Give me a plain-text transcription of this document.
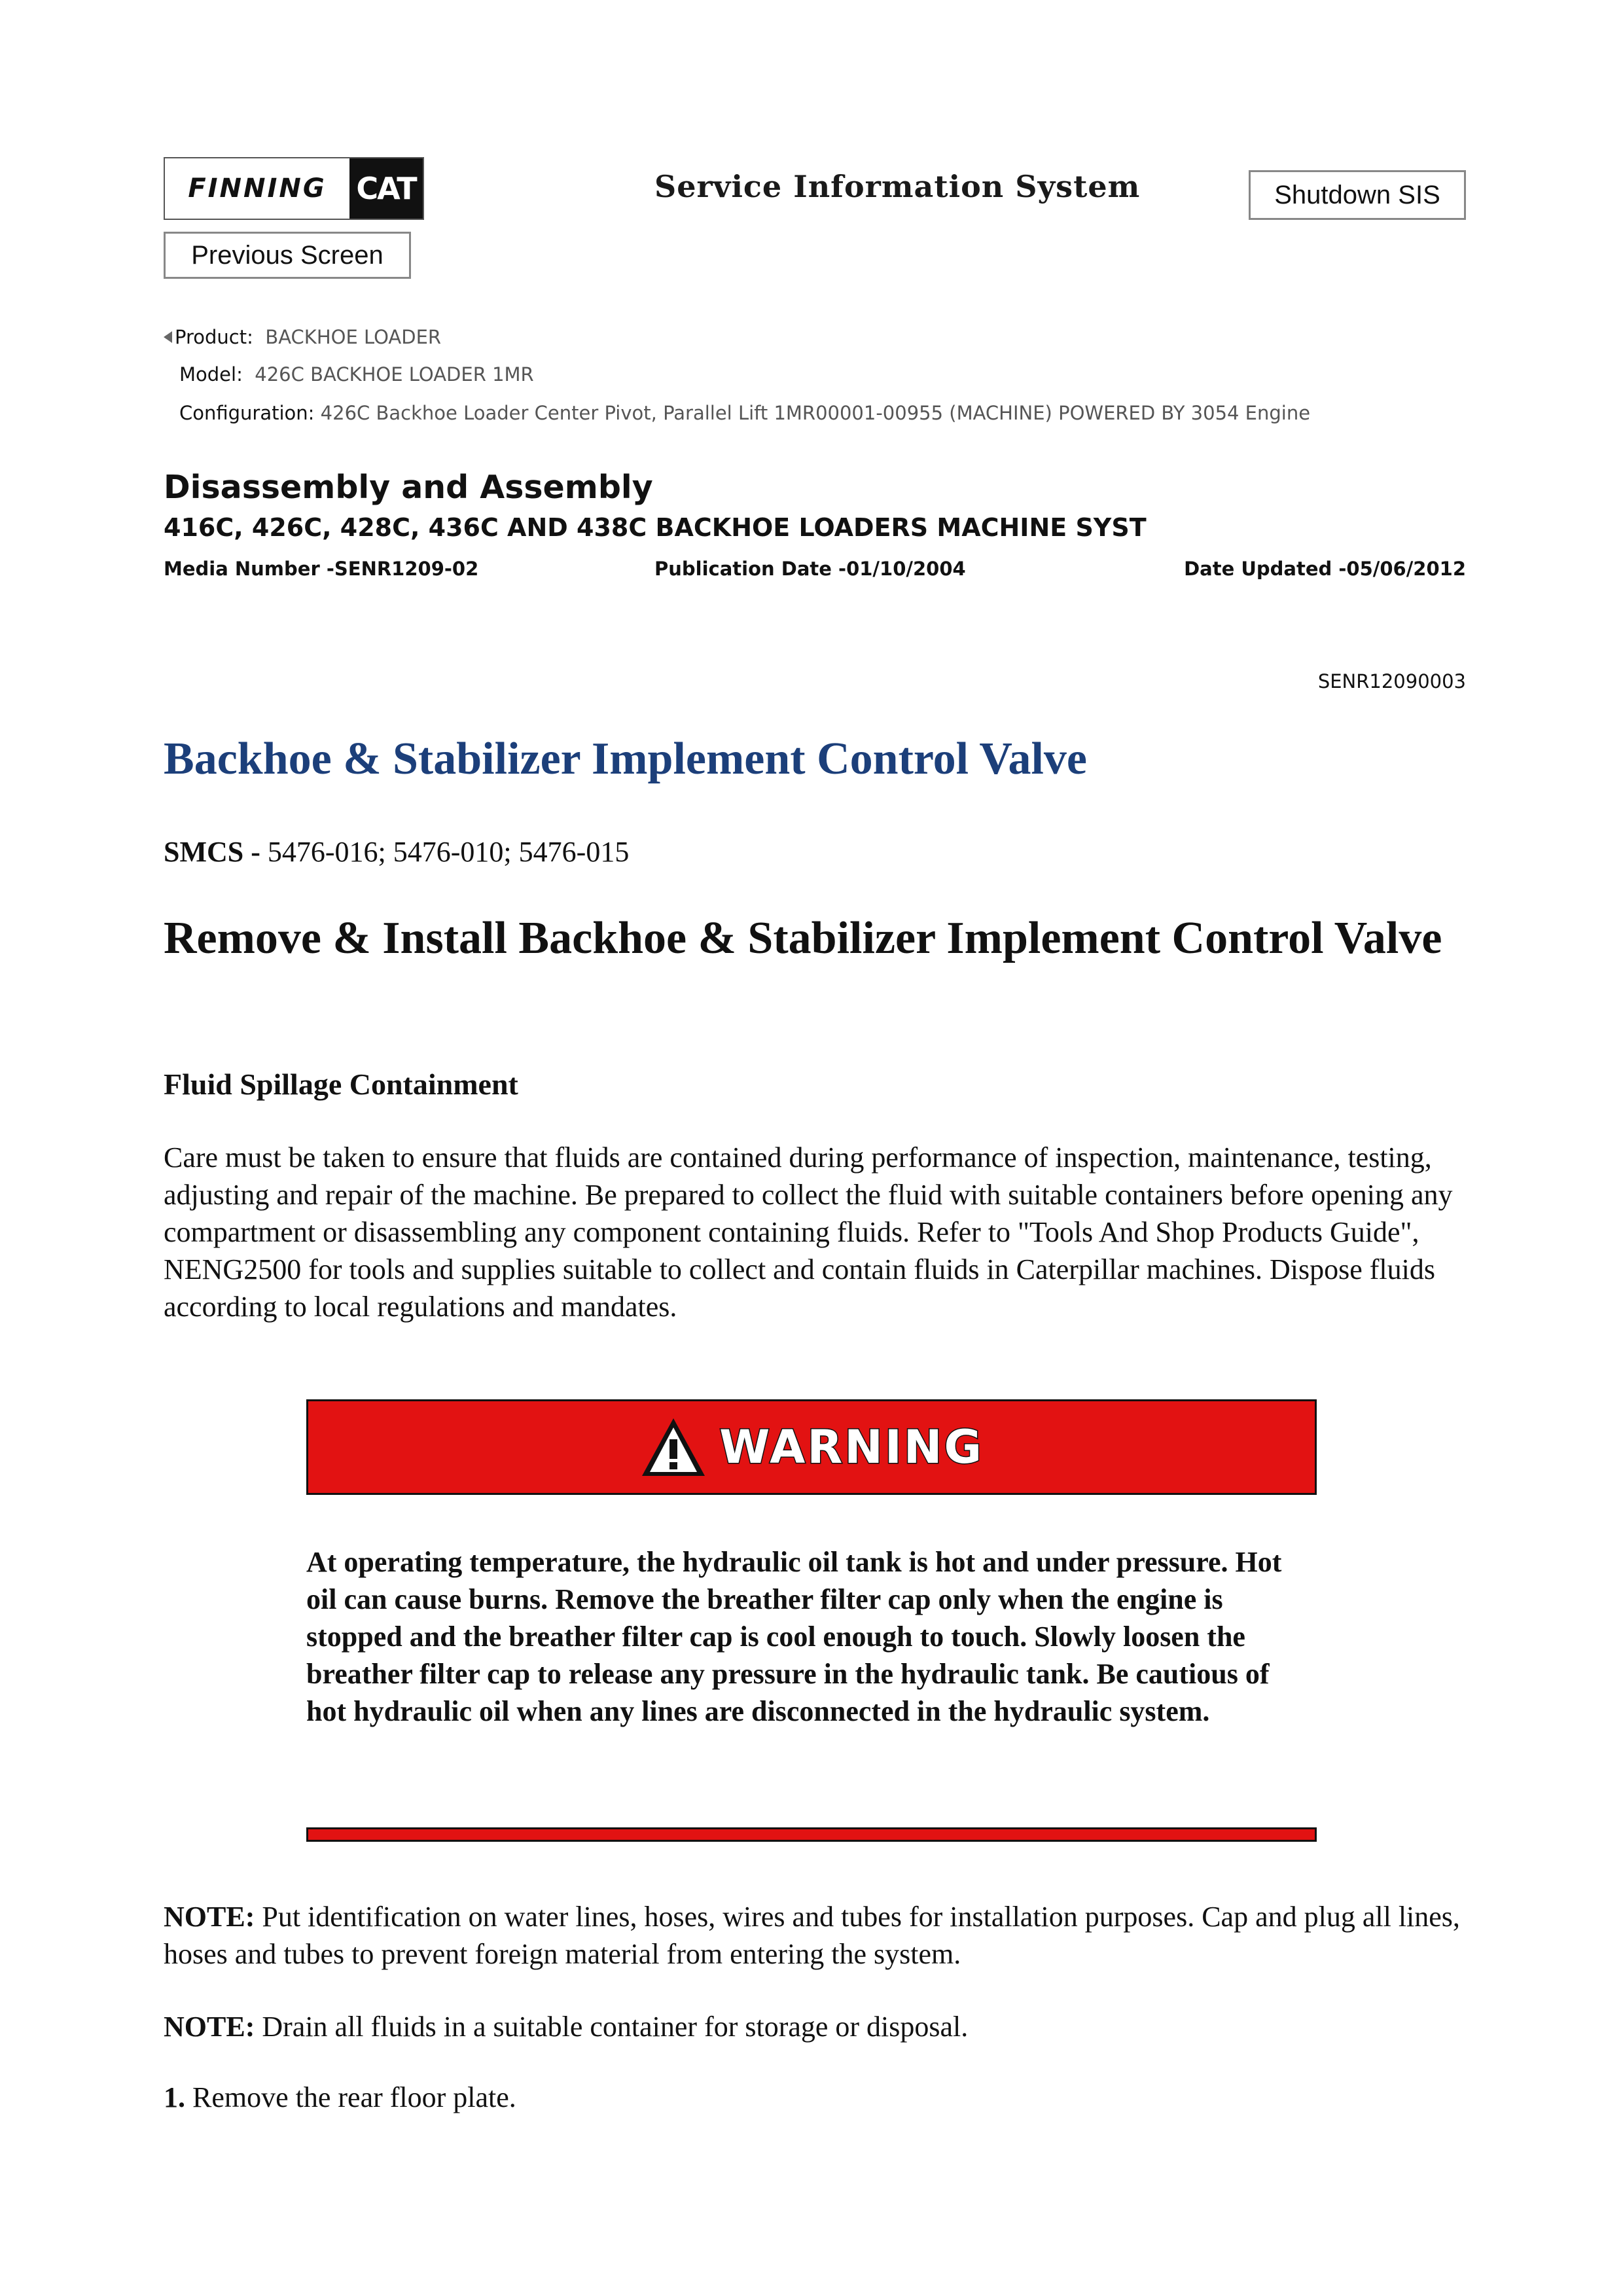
FINNING CAT	Service Information System	Shutdown SIS
Previous Screen
Product: BACKHOE LOADER
Model: 426C BACKHOE LOADER 1MR
Configuration: 426C Backhoe Loader Center Pivot, Parallel Lift 1MR00001-00955 (MACHINE) POWERED BY 3054 Engine
Disassembly and Assembly
416C, 426C, 428C, 436C AND 438C BACKHOE LOADERS MACHINE SYST
Media Number -SENR1209-02	Publication Date -01/10/2004	Date Updated -05/06/2012
SENR12090003
Backhoe & Stabilizer Implement Control Valve
SMCS - 5476-016; 5476-010; 5476-015
Remove & Install Backhoe & Stabilizer Implement Control Valve
Fluid Spillage Containment
Care must be taken to ensure that fluids are contained during performance of inspection, maintenance, testing, adjusting and repair of the machine. Be prepared to collect the fluid with suitable containers before opening any compartment or disassembling any component containing fluids. Refer to "Tools And Shop Products Guide", NENG2500 for tools and supplies suitable to collect and contain fluids in Caterpillar machines. Dispose fluids according to local regulations and mandates.
WARNING
At operating temperature, the hydraulic oil tank is hot and under pressure. Hot oil can cause burns. Remove the breather filter cap only when the engine is stopped and the breather filter cap is cool enough to touch. Slowly loosen the breather filter cap to release any pressure in the hydraulic tank. Be cautious of hot hydraulic oil when any lines are disconnected in the hydraulic system.
NOTE: Put identification on water lines, hoses, wires and tubes for installation purposes. Cap and plug all lines, hoses and tubes to prevent foreign material from entering the system.
NOTE: Drain all fluids in a suitable container for storage or disposal.
1. Remove the rear floor plate.
